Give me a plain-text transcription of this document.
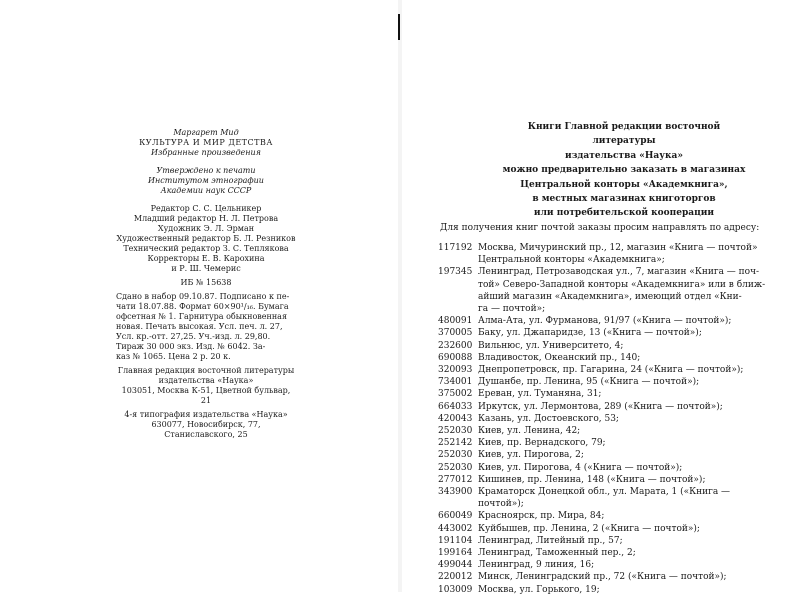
Маргарет Мид
КУЛЬТУРА И МИР ДЕТСТВА
Избранные произведения
Утверждено к печати
Институтом этнографии
Академии наук СССР
Редактор С. С. Цельникер
Младший редактор Н. Л. Петрова
Художник Э. Л. Эрман
Художественный редактор Б. Л. Резников
Технический редактор З. С. Теплякова
Корректоры Е. В. Карохина
и Р. Ш. Чемерис
ИБ № 15638
Сдано в набор 09.10.87. Подписано к пе-
чати 18.07.88. Формат 60×90¹/₁₆. Бумага
офсетная № 1. Гарнитура обыкновенная
новая. Печать высокая. Усл. печ. л. 27,
Усл. кр.-отт. 27,25. Уч.-изд. л. 29,80.
Тираж 30 000 экз. Изд. № 6042. За-
каз № 1065. Цена 2 р. 20 к.
Главная редакция восточной литературы
издательства «Наука»
103051, Москва К-51, Цветной бульвар, 21
4-я типография издательства «Наука»
630077, Новосибирск, 77, Станиславского, 25
Книги Главной редакции восточной литературы
издательства «Наука»
можно предварительно заказать в магазинах
Центральной конторы «Академкнига»,
в местных магазинах книготоргов
или потребительской кооперации
Для получения книг почтой заказы просим направлять по адресу:
117192 Москва, Мичуринский пр., 12, магазин «Книга — почтой»
Центральной конторы «Академкнига»;
197345 Ленинград, Петрозаводская ул., 7, магазин «Книга — поч-
той» Северо-Западной конторы «Академкнига» или в ближ-
айший магазин «Академкнига», имеющий отдел «Кни-
га — почтой»;
480091 Алма-Ата, ул. Фурманова, 91/97 («Книга — почтой»);
370005 Баку, ул. Джапаридзе, 13 («Книга — почтой»);
232600 Вильнюс, ул. Университето, 4;
690088 Владивосток, Океанский пр., 140;
320093 Днепропетровск, пр. Гагарина, 24 («Книга — почтой»);
734001 Душанбе, пр. Ленина, 95 («Книга — почтой»);
375002 Ереван, ул. Туманяна, 31;
664033 Иркутск, ул. Лермонтова, 289 («Книга — почтой»);
420043 Казань, ул. Достоевского, 53;
252030 Киев, ул. Ленина, 42;
252142 Киев, пр. Вернадского, 79;
252030 Киев, ул. Пирогова, 2;
252030 Киев, ул. Пирогова, 4 («Книга — почтой»);
277012 Кишинев, пр. Ленина, 148 («Книга — почтой»);
343900 Краматорск Донецкой обл., ул. Марата, 1 («Книга —
почтой»);
660049 Красноярск, пр. Мира, 84;
443002 Куйбышев, пр. Ленина, 2 («Книга — почтой»);
191104 Ленинград, Литейный пр., 57;
199164 Ленинград, Таможенный пер., 2;
499044 Ленинград, 9 линия, 16;
220012 Минск, Ленинградский пр., 72 («Книга — почтой»);
103009 Москва, ул. Горького, 19;
